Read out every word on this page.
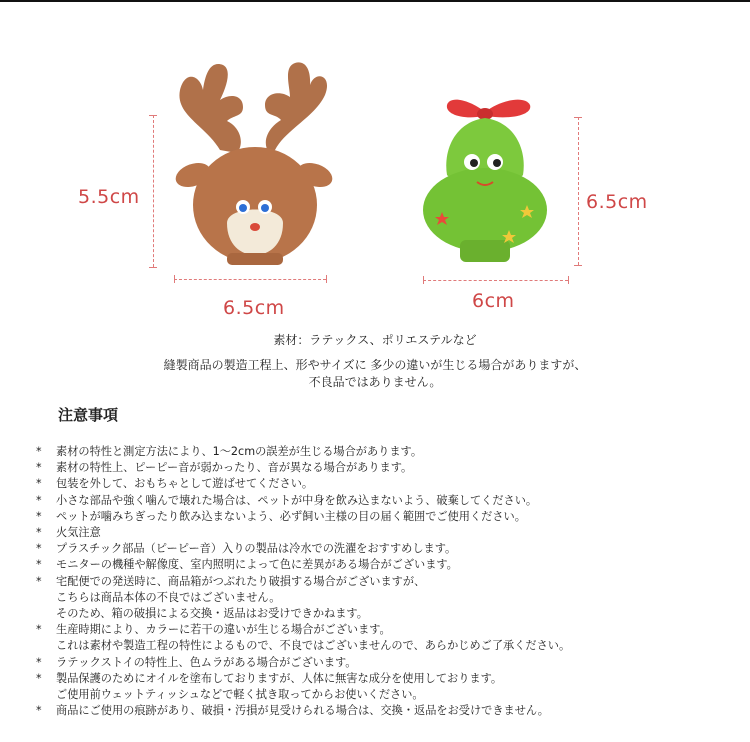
5.5cm
6.5cm
6.5cm
6cm
素材：ラテックス、ポリエステルなど
縫製商品の製造工程上、形やサイズに 多少の違いが生じる場合がありますが、
不良品ではありません。
注意事項
* 素材の特性と測定方法により、1〜2cmの誤差が生じる場合があります。
* 素材の特性上、ピーピー音が弱かったり、音が異なる場合があります。
* 包装を外して、おもちゃとして遊ばせてください。
* 小さな部品や強く噛んで壊れた場合は、ペットが中身を飲み込まないよう、破棄してください。
* ペットが噛みちぎったり飲み込まないよう、必ず飼い主様の目の届く範囲でご使用ください。
* 火気注意
* プラスチック部品（ピーピー音）入りの製品は冷水での洗濯をおすすめします。
* モニターの機種や解像度、室内照明によって色に差異がある場合がございます。
* 宅配便での発送時に、商品箱がつぶれたり破損する場合がございますが、
こちらは商品本体の不良ではございません。
そのため、箱の破損による交換・返品はお受けできかねます。
* 生産時期により、カラーに若干の違いが生じる場合がございます。
これは素材や製造工程の特性によるもので、不良ではございませんので、あらかじめご了承ください。
* ラテックストイの特性上、色ムラがある場合がございます。
* 製品保護のためにオイルを塗布しておりますが、人体に無害な成分を使用しております。
ご使用前ウェットティッシュなどで軽く拭き取ってからお使いください。
* 商品にご使用の痕跡があり、破損・汚損が見受けられる場合は、交換・返品をお受けできません。
